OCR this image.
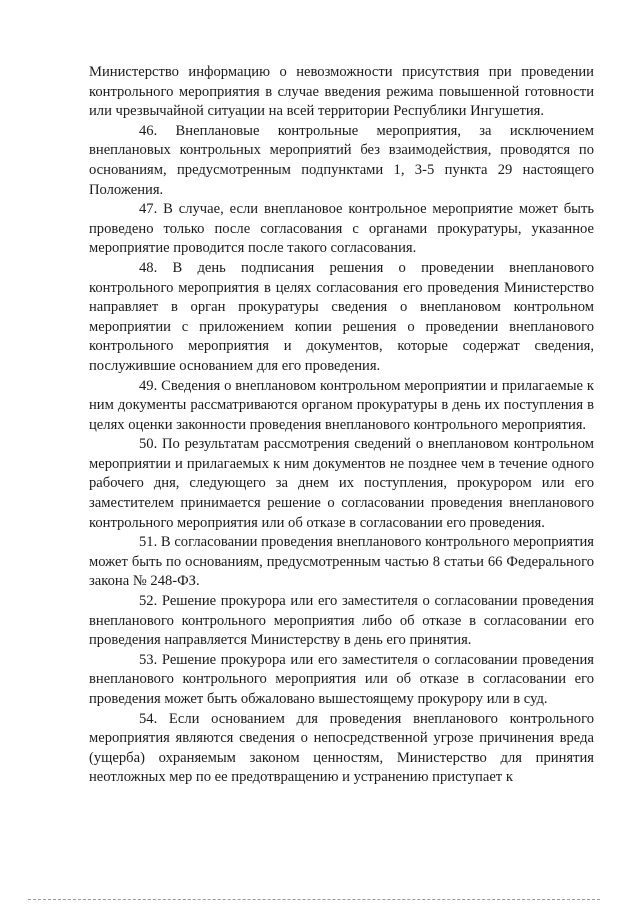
Министерство информацию о невозможности присутствия при проведении контрольного мероприятия в случае введения режима повышенной готовности или чрезвычайной ситуации на всей территории Республики Ингушетия.

46. Внеплановые контрольные мероприятия, за исключением внеплановых контрольных мероприятий без взаимодействия, проводятся по основаниям, предусмотренным подпунктами 1, 3-5 пункта 29 настоящего Положения.

47. В случае, если внеплановое контрольное мероприятие может быть проведено только после согласования с органами прокуратуры, указанное мероприятие проводится после такого согласования.

48. В день подписания решения о проведении внепланового контрольного мероприятия в целях согласования его проведения Министерство направляет в орган прокуратуры сведения о внеплановом контрольном мероприятии с приложением копии решения о проведении внепланового контрольного мероприятия и документов, которые содержат сведения, послужившие основанием для его проведения.

49. Сведения о внеплановом контрольном мероприятии и прилагаемые к ним документы рассматриваются органом прокуратуры в день их поступления в целях оценки законности проведения внепланового контрольного мероприятия.

50. По результатам рассмотрения сведений о внеплановом контрольном мероприятии и прилагаемых к ним документов не позднее чем в течение одного рабочего дня, следующего за днем их поступления, прокурором или его заместителем принимается решение о согласовании проведения внепланового контрольного мероприятия или об отказе в согласовании его проведения.

51. В согласовании проведения внепланового контрольного мероприятия может быть по основаниям, предусмотренным частью 8 статьи 66 Федерального закона № 248-ФЗ.

52. Решение прокурора или его заместителя о согласовании проведения внепланового контрольного мероприятия либо об отказе в согласовании его проведения направляется Министерству в день его принятия.

53. Решение прокурора или его заместителя о согласовании проведения внепланового контрольного мероприятия или об отказе в согласовании его проведения может быть обжаловано вышестоящему прокурору или в суд.

54. Если основанием для проведения внепланового контрольного мероприятия являются сведения о непосредственной угрозе причинения вреда (ущерба) охраняемым законом ценностям, Министерство для принятия неотложных мер по ее предотвращению и устранению приступает к
